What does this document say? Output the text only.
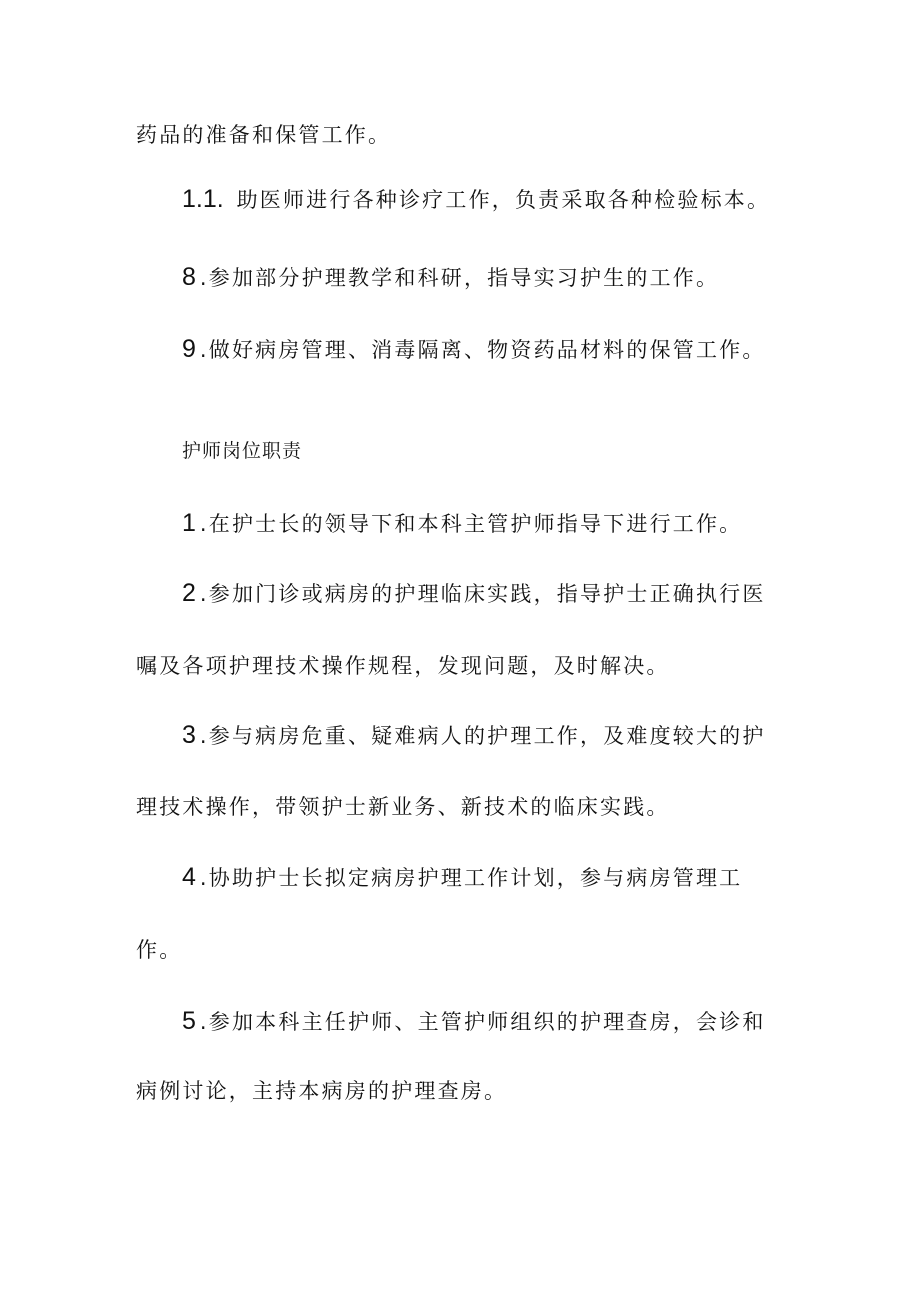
药品的准备和保管工作。
1.1. 助医师进行各种诊疗工作，负责采取各种检验标本。
8 .参加部分护理教学和科研，指导实习护生的工作。
9 .做好病房管理、消毒隔离、物资药品材料的保管工作。
护师岗位职责
1 .在护士长的领导下和本科主管护师指导下进行工作。
2 .参加门诊或病房的护理临床实践，指导护士正确执行医
嘱及各项护理技术操作规程，发现问题，及时解决。
3 .参与病房危重、疑难病人的护理工作，及难度较大的护
理技术操作，带领护士新业务、新技术的临床实践。
4 .协助护士长拟定病房护理工作计划，参与病房管理工
作。
5 .参加本科主任护师、主管护师组织的护理查房，会诊和
病例讨论，主持本病房的护理查房。
